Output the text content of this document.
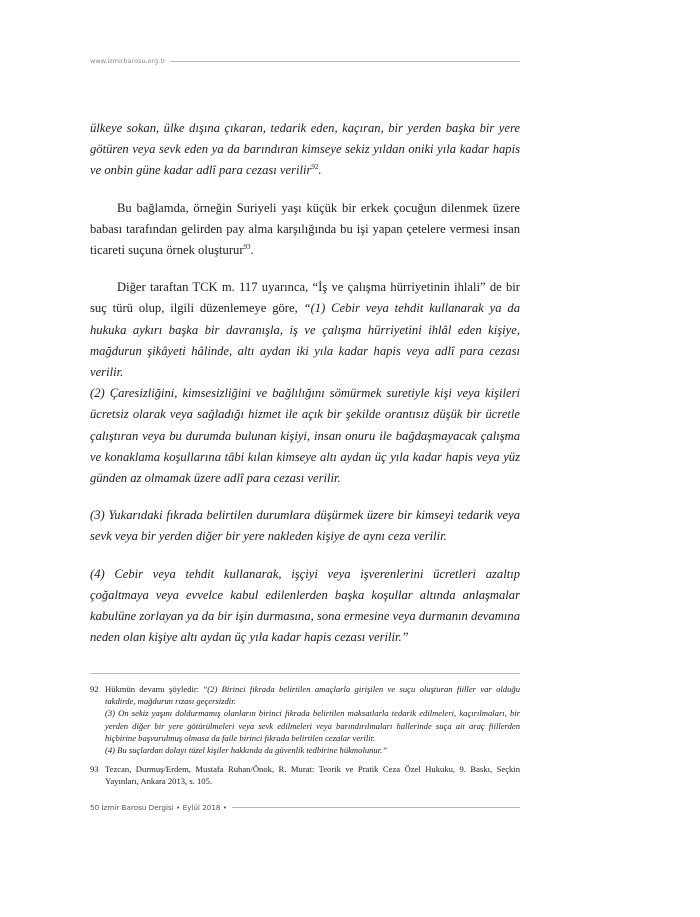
www.izmirbarosu.org.tr

ülkeye sokan, ülke dışına çıkaran, tedarik eden, kaçıran, bir yerden başka bir yere götüren veya sevk eden ya da barındıran kimseye sekiz yıldan oniki yıla kadar hapis ve onbin güne kadar adlî para cezası verilir$^{92}$.

Bu bağlamda, örneğin Suriyeli yaşı küçük bir erkek çocuğun dilenmek üzere babası tarafından gelirden pay alma karşılığında bu işi yapan çetelere vermesi insan ticareti suçuna örnek oluşturur$^{93}$.

Diğer taraftan TCK m. 117 uyarınca, “İş ve çalışma hürriyetinin ihlali” de bir suç türü olup, ilgili düzenlemeye göre, “(1) Cebir veya tehdit kullanarak ya da hukuka aykırı başka bir davranışla, iş ve çalışma hürriyetini ihlâl eden kişiye, mağdurun şikâyeti hâlinde, altı aydan iki yıla kadar hapis veya adlî para cezası verilir.

(2) Çaresizliğini, kimsesizliğini ve bağlılığını sömürmek suretiyle kişi veya kişileri ücretsiz olarak veya sağladığı hizmet ile açık bir şekilde orantısız düşük bir ücretle çalıştıran veya bu durumda bulunan kişiyi, insan onuru ile bağdaşmayacak çalışma ve konaklama koşullarına tâbi kılan kimseye altı aydan üç yıla kadar hapis veya yüz günden az olmamak üzere adlî para cezası verilir.

(3) Yukarıdaki fıkrada belirtilen durumlara düşürmek üzere bir kimseyi tedarik veya sevk veya bir yerden diğer bir yere nakleden kişiye de aynı ceza verilir.

(4) Cebir veya tehdit kullanarak, işçiyi veya işverenlerini ücretleri azaltıp çoğaltmaya veya evvelce kabul edilenlerden başka koşullar altında anlaşmalar kabulüne zorlayan ya da bir işin durmasına, sona ermesine veya durmanın devamına neden olan kişiye altı aydan üç yıla kadar hapis cezası verilir.”

92 Hükmün devamı şöyledir: “(2) Birinci fıkrada belirtilen amaçlarla girişilen ve suçu oluşturan fiiller var olduğu takdirde, mağdurun rızası geçersizdir.

(3) On sekiz yaşını doldurmamış olanların birinci fıkrada belirtilen maksatlarla tedarik edilmeleri, kaçırılmaları, bir yerden diğer bir yere götürülmeleri veya sevk edilmeleri veya barındırılmaları hallerinde suça ait araç fiillerden hiçbirine başvurulmuş olmasa da faile birinci fıkrada belirtilen cezalar verilir.

(4) Bu suçlardan dolayı tüzel kişiler hakkında da güvenlik tedbirine hükmolunur.”

93 Tezcan, Durmuş/Erdem, Mustafa Ruhan/Önok, R. Murat: Teorik ve Pratik Ceza Özel Hukuku, 9. Baskı, Seçkin Yayınları, Ankara 2013, s. 105.

50 İzmir Barosu Dergisi • Eylül 2018 •
